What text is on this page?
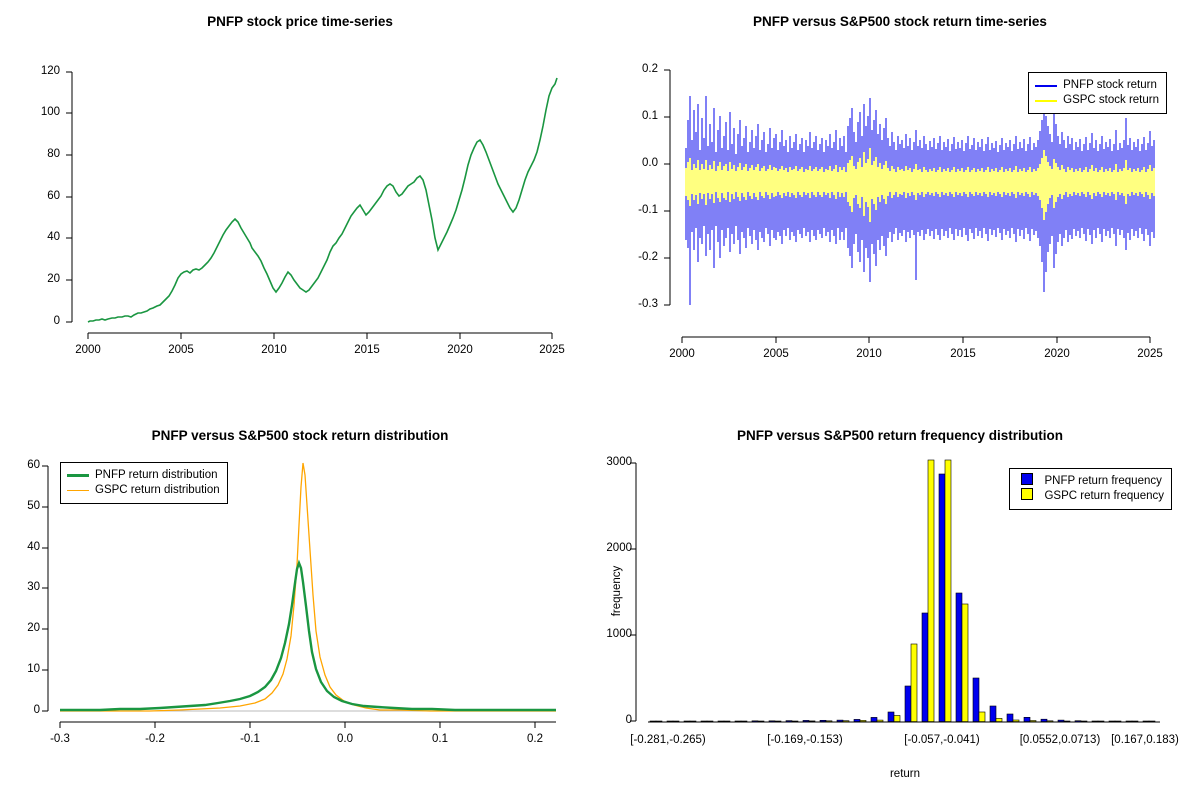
PNFP stock price time-series
2000	2005	2010	2015	2020	2025
0
20
40
60
80
100
120
PNFP versus S&P500 stock return time-series
2000	2005	2010	2015	2020	2025
-0.3
-0.2
-0.1
0.0
0.1
0.2
PNFP stock return
GSPC stock return
PNFP versus S&P500 stock return distribution
-0.3	-0.2	-0.1	0.0	0.1	0.2
0
10
20
30
40
50
60
PNFP return distribution
GSPC return distribution
PNFP versus S&P500 return frequency distribution
0
1000
2000
3000
[-0.281,-0.265)	[-0.169,-0.153)	[-0.057,-0.041)	[0.0552,0.0713) [0.167,0.183)
return
frequency
PNFP return frequency
GSPC return frequency
